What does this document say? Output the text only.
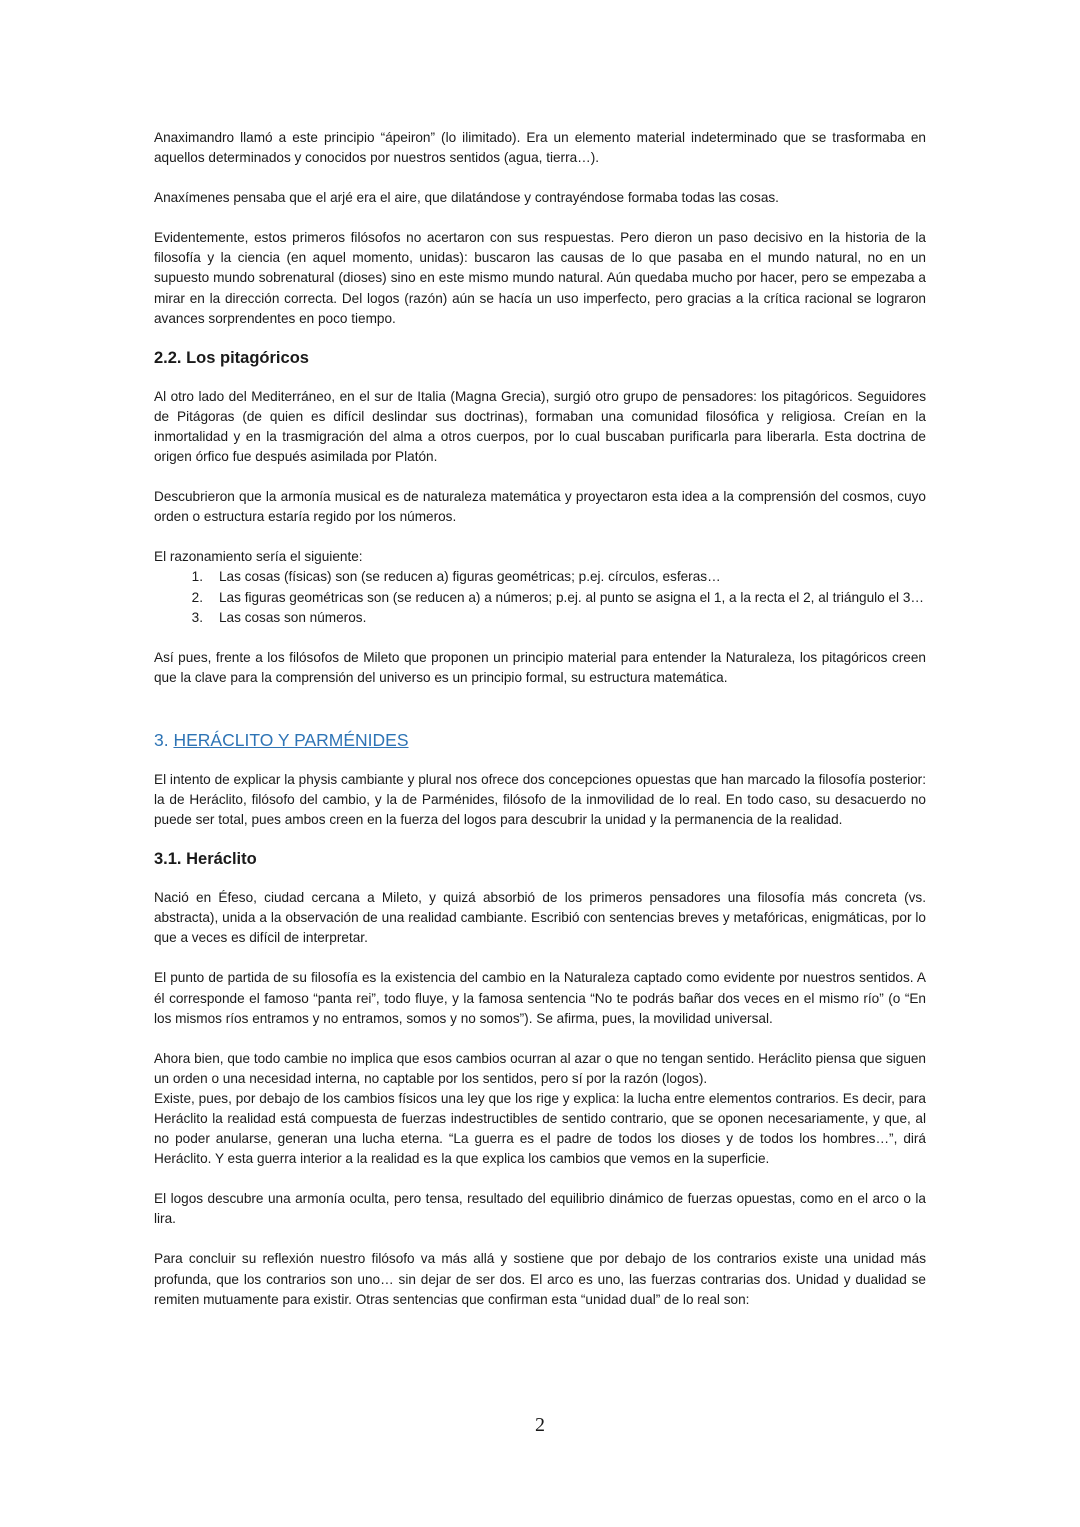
Anaximandro llamó a este principio “ápeiron” (lo ilimitado). Era un elemento material indeterminado que se trasformaba en aquellos determinados y conocidos por nuestros sentidos (agua, tierra…).

Anaxímenes pensaba que el arjé era el aire, que dilatándose y contrayéndose formaba todas las cosas.

Evidentemente, estos primeros filósofos no acertaron con sus respuestas. Pero dieron un paso decisivo en la historia de la filosofía y la ciencia (en aquel momento, unidas): buscaron las causas de lo que pasaba en el mundo natural, no en un supuesto mundo sobrenatural (dioses) sino en este mismo mundo natural. Aún quedaba mucho por hacer, pero se empezaba a mirar en la dirección correcta. Del logos (razón) aún se hacía un uso imperfecto, pero gracias a la crítica racional se lograron avances sorprendentes en poco tiempo.

2.2. Los pitagóricos

Al otro lado del Mediterráneo, en el sur de Italia (Magna Grecia), surgió otro grupo de pensadores: los pitagóricos. Seguidores de Pitágoras (de quien es difícil deslindar sus doctrinas), formaban una comunidad filosófica y religiosa. Creían en la inmortalidad y en la trasmigración del alma a otros cuerpos, por lo cual buscaban purificarla para liberarla. Esta doctrina de origen órfico fue después asimilada por Platón.

Descubrieron que la armonía musical es de naturaleza matemática y proyectaron esta idea a la comprensión del cosmos, cuyo orden o estructura estaría regido por los números.

El razonamiento sería el siguiente:

1.	Las cosas (físicas) son (se reducen a) figuras geométricas; p.ej. círculos, esferas…
2.	Las figuras geométricas son (se reducen a) a números; p.ej. al punto se asigna el 1, a la recta el 2, al triángulo el 3…
3.	Las cosas son números.

Así pues, frente a los filósofos de Mileto que proponen un principio material para entender la Naturaleza, los pitagóricos creen que la clave para la comprensión del universo es un principio formal, su estructura matemática.

3. HERÁCLITO Y PARMÉNIDES

El intento de explicar la physis cambiante y plural nos ofrece dos concepciones opuestas que han marcado la filosofía posterior: la de Heráclito, filósofo del cambio, y la de Parménides, filósofo de la inmovilidad de lo real. En todo caso, su desacuerdo no puede ser total, pues ambos creen en la fuerza del logos para descubrir la unidad y la permanencia de la realidad.

3.1. Heráclito

Nació en Éfeso, ciudad cercana a Mileto, y quizá absorbió de los primeros pensadores una filosofía más concreta (vs. abstracta), unida a la observación de una realidad cambiante. Escribió con sentencias breves y metafóricas, enigmáticas, por lo que a veces es difícil de interpretar.

El punto de partida de su filosofía es la existencia del cambio en la Naturaleza captado como evidente por nuestros sentidos. A él corresponde el famoso “panta rei”, todo fluye, y la famosa sentencia “No te podrás bañar dos veces en el mismo río” (o “En los mismos ríos entramos y no entramos, somos y no somos”). Se afirma, pues, la movilidad universal.

Ahora bien, que todo cambie no implica que esos cambios ocurran al azar o que no tengan sentido. Heráclito piensa que siguen un orden o una necesidad interna, no captable por los sentidos, pero sí por la razón (logos).

Existe, pues, por debajo de los cambios físicos una ley que los rige y explica: la lucha entre elementos contrarios. Es decir, para Heráclito la realidad está compuesta de fuerzas indestructibles de sentido contrario, que se oponen necesariamente, y que, al no poder anularse, generan una lucha eterna. “La guerra es el padre de todos los dioses y de todos los hombres…”, dirá Heráclito. Y esta guerra interior a la realidad es la que explica los cambios que vemos en la superficie.

El logos descubre una armonía oculta, pero tensa, resultado del equilibrio dinámico de fuerzas opuestas, como en el arco o la lira.

Para concluir su reflexión nuestro filósofo va más allá y sostiene que por debajo de los contrarios existe una unidad más profunda, que los contrarios son uno… sin dejar de ser dos. El arco es uno, las fuerzas contrarias dos. Unidad y dualidad se remiten mutuamente para existir. Otras sentencias que confirman esta “unidad dual” de lo real son:

2
